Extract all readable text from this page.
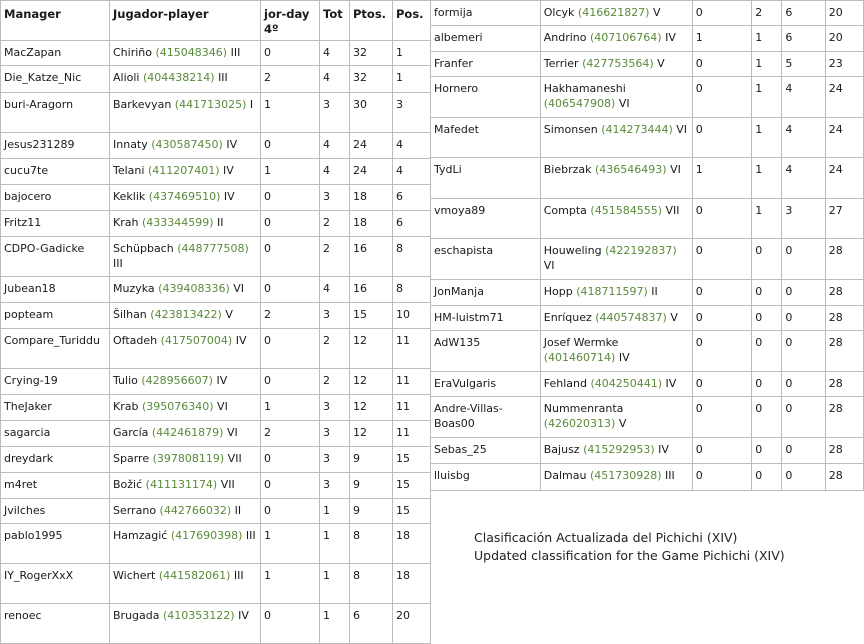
Manager	Jugador-player	jor-day 4º	Tot	Ptos.	Pos.
MacZapan	Chiriño (415048346) III	0	4	32	1
Die_Katze_Nic	Alioli (404438214) III	2	4	32	1
buri-Aragorn	Barkevyan (441713025) I	1	3	30	3
Jesus231289	Innaty (430587450) IV	0	4	24	4
cucu7te	Telani (411207401) IV	1	4	24	4
bajocero	Keklik (437469510) IV	0	3	18	6
Fritz11	Krah (433344599) II	0	2	18	6
CDPO-Gadicke	Schüpbach (448777508) III	0	2	16	8
Jubean18	Muzyka (439408336) VI	0	4	16	8
popteam	Šilhan (423813422) V	2	3	15	10
Compare_Turiddu	Oftadeh (417507004) IV	0	2	12	11
Crying-19	Tulio (428956607) IV	0	2	12	11
TheJaker	Krab (395076340) VI	1	3	12	11
sagarcia	García (442461879) VI	2	3	12	11
dreydark	Sparre (397808119) VII	0	3	9	15
m4ret	Božić (411131174) VII	0	3	9	15
Jvilches	Serrano (442766032) II	0	1	9	15
pablo1995	Hamzagić (417690398) III	1	1	8	18
IY_RogerXxX	Wichert (441582061) III	1	1	8	18
renoec	Brugada (410353122) IV	0	1	6	20
formija	Olcyk (416621827) V	0	2	6	20
albemeri	Andrino (407106764) IV	1	1	6	20
Franfer	Terrier (427753564) V	0	1	5	23
Hornero	Hakhamaneshi (406547908) VI	0	1	4	24
Mafedet	Simonsen (414273444) VI	0	1	4	24
TydLi	Biebrzak (436546493) VI	1	1	4	24
vmoya89	Compta (451584555) VII	0	1	3	27
eschapista	Houweling (422192837) VI	0	0	0	28
JonManja	Hopp (418711597) II	0	0	0	28
HM-luistm71	Enríquez (440574837) V	0	0	0	28
AdW135	Josef Wermke (401460714) IV	0	0	0	28
EraVulgaris	Fehland (404250441) IV	0	0	0	28
Andre-Villas-Boas00	Nummenranta (426020313) V	0	0	0	28
Sebas_25	Bajusz (415292953) IV	0	0	0	28
lluisbg	Dalmau (451730928) III	0	0	0	28
Clasificación Actualizada del Pichichi (XIV)
Updated classification for the Game Pichichi (XIV)
